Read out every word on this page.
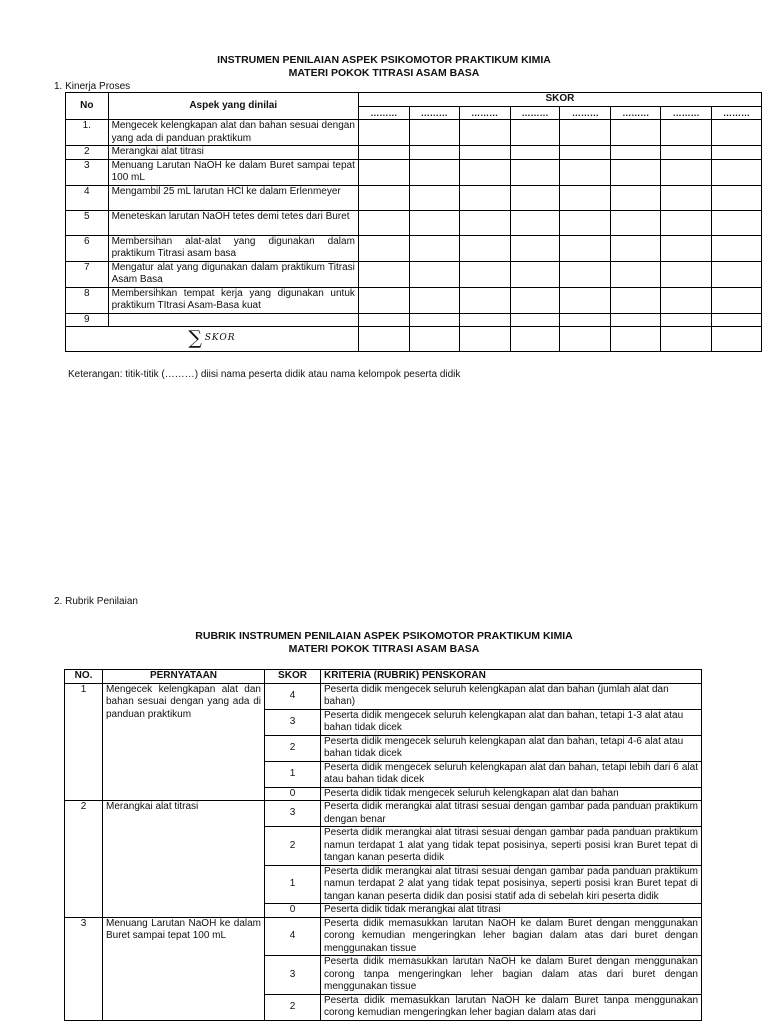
INSTRUMEN PENILAIAN ASPEK PSIKOMOTOR PRAKTIKUM KIMIA
MATERI POKOK TITRASI ASAM BASA
1. Kinerja Proses
No	Aspek yang dinilai	SKOR							
		………	………	………	………	………	………	………	………
1.	Mengecek kelengkapan alat dan bahan sesuai dengan yang ada di panduan praktikum								
2	Merangkai alat titrasi								
3	Menuang Larutan NaOH ke dalam Buret sampai tepat 100 mL								
4	Mengambil 25 mL larutan HCl ke dalam Erlenmeyer								
5	Meneteskan larutan NaOH tetes demi tetes dari Buret								
6	Membersihan alat-alat yang digunakan dalam praktikum Titrasi asam basa								
7	Mengatur alat yang digunakan dalam praktikum Titrasi Asam Basa								
8	Membersihkan tempat kerja yang digunakan untuk praktikum TItrasi Asam-Basa kuat								
9									
∑ SKOR									
Keterangan: titik-titik (………) diisi nama peserta didik atau nama kelompok peserta didik
2. Rubrik Penilaian
RUBRIK INSTRUMEN PENILAIAN ASPEK PSIKOMOTOR PRAKTIKUM KIMIA
MATERI POKOK TITRASI ASAM BASA
NO.	PERNYATAAN	SKOR	KRITERIA (RUBRIK) PENSKORAN
1	Mengecek kelengkapan alat dan bahan sesuai dengan yang ada di panduan praktikum	4	Peserta didik mengecek seluruh kelengkapan alat dan bahan (jumlah alat dan bahan)
		3	Peserta didik mengecek seluruh kelengkapan alat dan bahan, tetapi 1-3 alat atau bahan tidak dicek
		2	Peserta didik mengecek seluruh kelengkapan alat dan bahan, tetapi 4-6 alat atau bahan tidak dicek
		1	Peserta didik mengecek seluruh kelengkapan alat dan bahan, tetapi lebih dari 6 alat atau bahan tidak dicek
		0	Peserta didik tidak mengecek seluruh kelengkapan alat dan bahan
2	Merangkai alat titrasi	3	Peserta didik merangkai alat titrasi sesuai dengan gambar pada panduan praktikum dengan benar
		2	Peserta didik merangkai alat titrasi sesuai dengan gambar pada panduan praktikum namun terdapat 1 alat yang tidak tepat posisinya, seperti posisi kran Buret tepat di tangan kanan peserta didik
		1	Peserta didik merangkai alat titrasi sesuai dengan gambar pada panduan praktikum namun terdapat 2 alat yang tidak tepat posisinya, seperti posisi kran Buret tepat di tangan kanan peserta didik dan posisi statif ada di sebelah kiri peserta didik
		0	Peserta didik tidak merangkai alat titrasi
3	Menuang Larutan NaOH ke dalam Buret sampai tepat 100 mL	4	Peserta didik memasukkan larutan NaOH ke dalam Buret dengan menggunakan corong kemudian mengeringkan leher bagian dalam atas dari buret dengan menggunakan tissue
		3	Peserta didik memasukkan larutan NaOH ke dalam Buret dengan menggunakan corong tanpa mengeringkan leher bagian dalam atas dari buret dengan menggunakan tissue
		2	Peserta didik memasukkan larutan NaOH ke dalam Buret tanpa menggunakan corong kemudian mengeringkan leher bagian dalam atas dari
